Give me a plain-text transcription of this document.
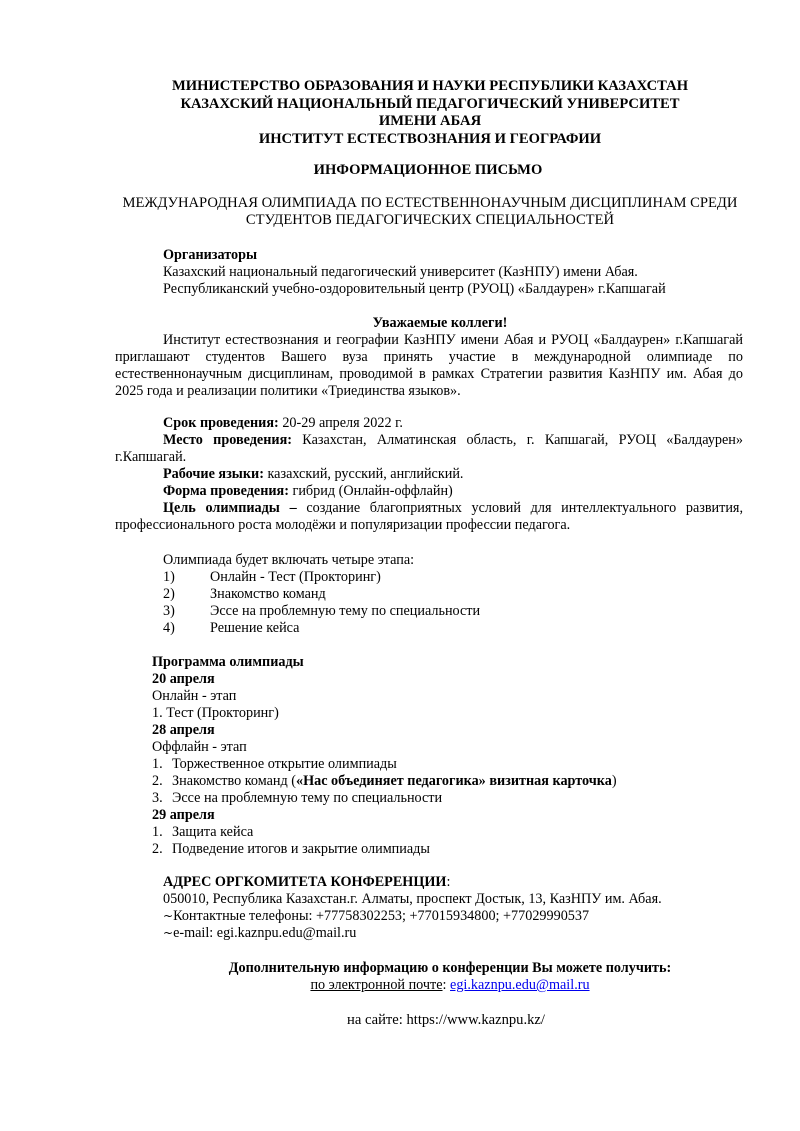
МИНИСТЕРСТВО ОБРАЗОВАНИЯ И НАУКИ РЕСПУБЛИКИ КАЗАХСТАН
КАЗАХСКИЙ НАЦИОНАЛЬНЫЙ ПЕДАГОГИЧЕСКИЙ УНИВЕРСИТЕТ
ИМЕНИ АБАЯ
ИНСТИТУТ ЕСТЕСТВОЗНАНИЯ И ГЕОГРАФИИ
ИНФОРМАЦИОННОЕ ПИСЬМО
МЕЖДУНАРОДНАЯ ОЛИМПИАДА ПО ЕСТЕСТВЕННОНАУЧНЫМ ДИСЦИПЛИНАМ СРЕДИ СТУДЕНТОВ ПЕДАГОГИЧЕСКИХ СПЕЦИАЛЬНОСТЕЙ
Организаторы
Казахский национальный педагогический университет (КазНПУ) имени Абая.
Республиканский учебно-оздоровительный центр (РУОЦ) «Балдаурен» г.Капшагай
Уважаемые коллеги!
Институт естествознания и географии КазНПУ имени Абая и РУОЦ «Балдаурен» г.Капшагай приглашают студентов Вашего вуза принять участие в международной олимпиаде по естественнонаучным дисциплинам, проводимой в рамках Стратегии развития КазНПУ им. Абая до 2025 года и реализации политики «Триединства языков».

Срок проведения: 20-29 апреля 2022 г.

Место проведения: Казахстан, Алматинская область, г. Капшагай, РУОЦ «Балдаурен» г.Капшагай.

Рабочие языки: казахский, русский, английский.

Форма проведения: гибрид (Онлайн-оффлайн)

Цель олимпиады – создание благоприятных условий для интеллектуального развития, профессионального роста молодёжи и популяризации профессии педагога.

Олимпиада будет включать четыре этапа:
1)	Онлайн - Тест (Прокторинг)
2)	Знакомство команд
3)	Эссе на проблемную тему по специальности
4)	Решение кейса
Программа олимпиады
20 апреля
Онлайн - этап
1. Тест (Прокторинг)
28 апреля
Оффлайн - этап
1. Торжественное открытие олимпиады
2. Знакомство команд («Нас объединяет педагогика» визитная карточка)
3. Эссе на проблемную тему по специальности
29 апреля
1. Защита кейса
2. Подведение итогов и закрытие олимпиады
АДРЕС ОРГКОМИТЕТА КОНФЕРЕНЦИИ:
050010, Республика Казахстан.г. Алматы, проспект Достык, 13, КазНПУ им. Абая.
~Контактные телефоны: +77758302253; +77015934800; +77029990537
~e-mail: egi.kaznpu.edu@mail.ru
Дополнительную информацию о конференции Вы можете получить:
по электронной почте: egi.kaznpu.edu@mail.ru
на сайте: https://www.kaznpu.kz/
